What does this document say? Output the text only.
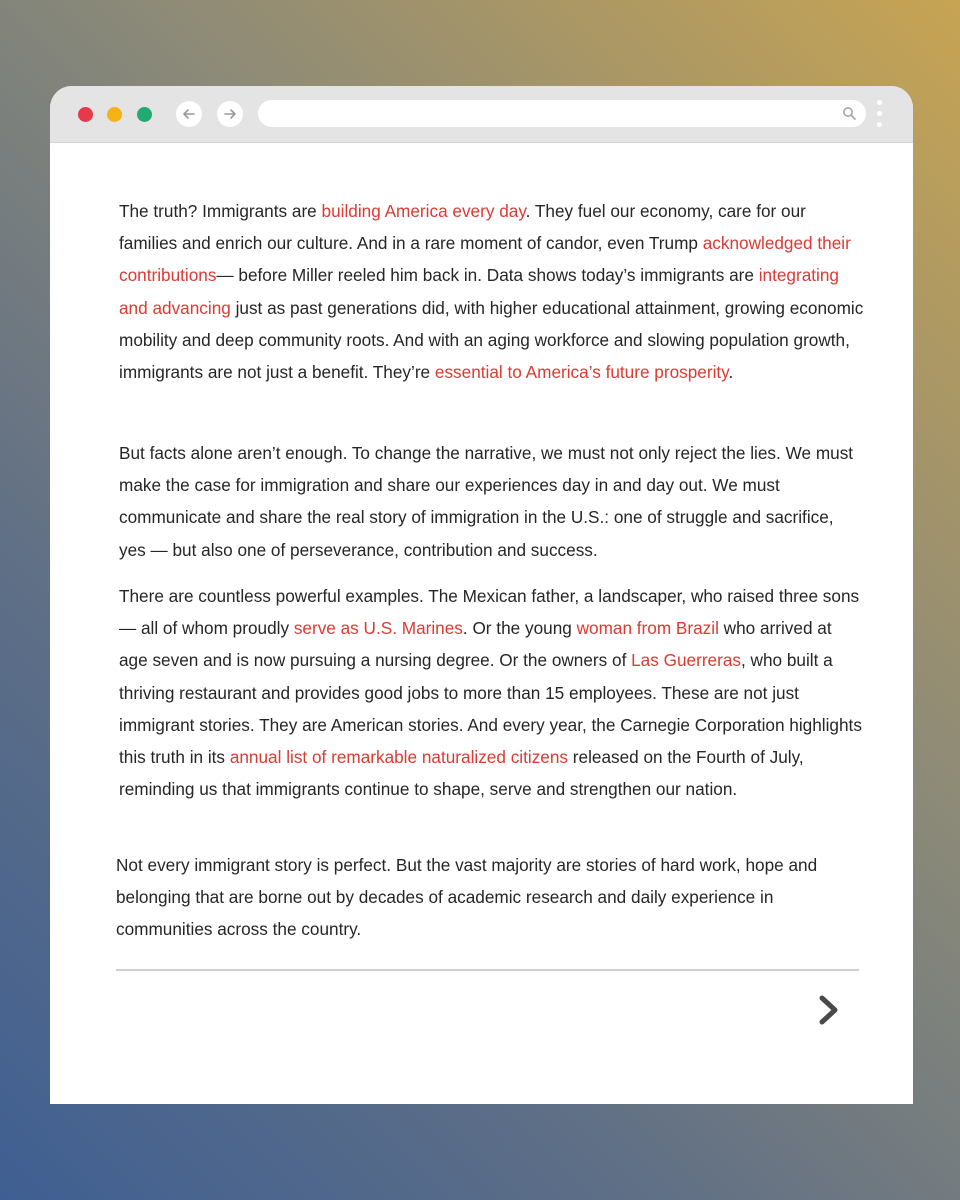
The truth? Immigrants are building America every day. They fuel our economy, care for our families and enrich our culture. And in a rare moment of candor, even Trump acknowledged their contributions— before Miller reeled him back in. Data shows today’s immigrants are integrating and advancing just as past generations did, with higher educational attainment, growing economic mobility and deep community roots. And with an aging workforce and slowing population growth, immigrants are not just a benefit. They’re essential to America’s future prosperity.

But facts alone aren’t enough. To change the narrative, we must not only reject the lies. We must make the case for immigration and share our experiences day in and day out. We must communicate and share the real story of immigration in the U.S.: one of struggle and sacrifice, yes — but also one of perseverance, contribution and success.

There are countless powerful examples. The Mexican father, a landscaper, who raised three sons — all of whom proudly serve as U.S. Marines. Or the young woman from Brazil who arrived at age seven and is now pursuing a nursing degree. Or the owners of Las Guerreras, who built a thriving restaurant and provides good jobs to more than 15 employees. These are not just immigrant stories. They are American stories. And every year, the Carnegie Corporation highlights this truth in its annual list of remarkable naturalized citizens released on the Fourth of July, reminding us that immigrants continue to shape, serve and strengthen our nation.

Not every immigrant story is perfect. But the vast majority are stories of hard work, hope and belonging that are borne out by decades of academic research and daily experience in communities across the country.
